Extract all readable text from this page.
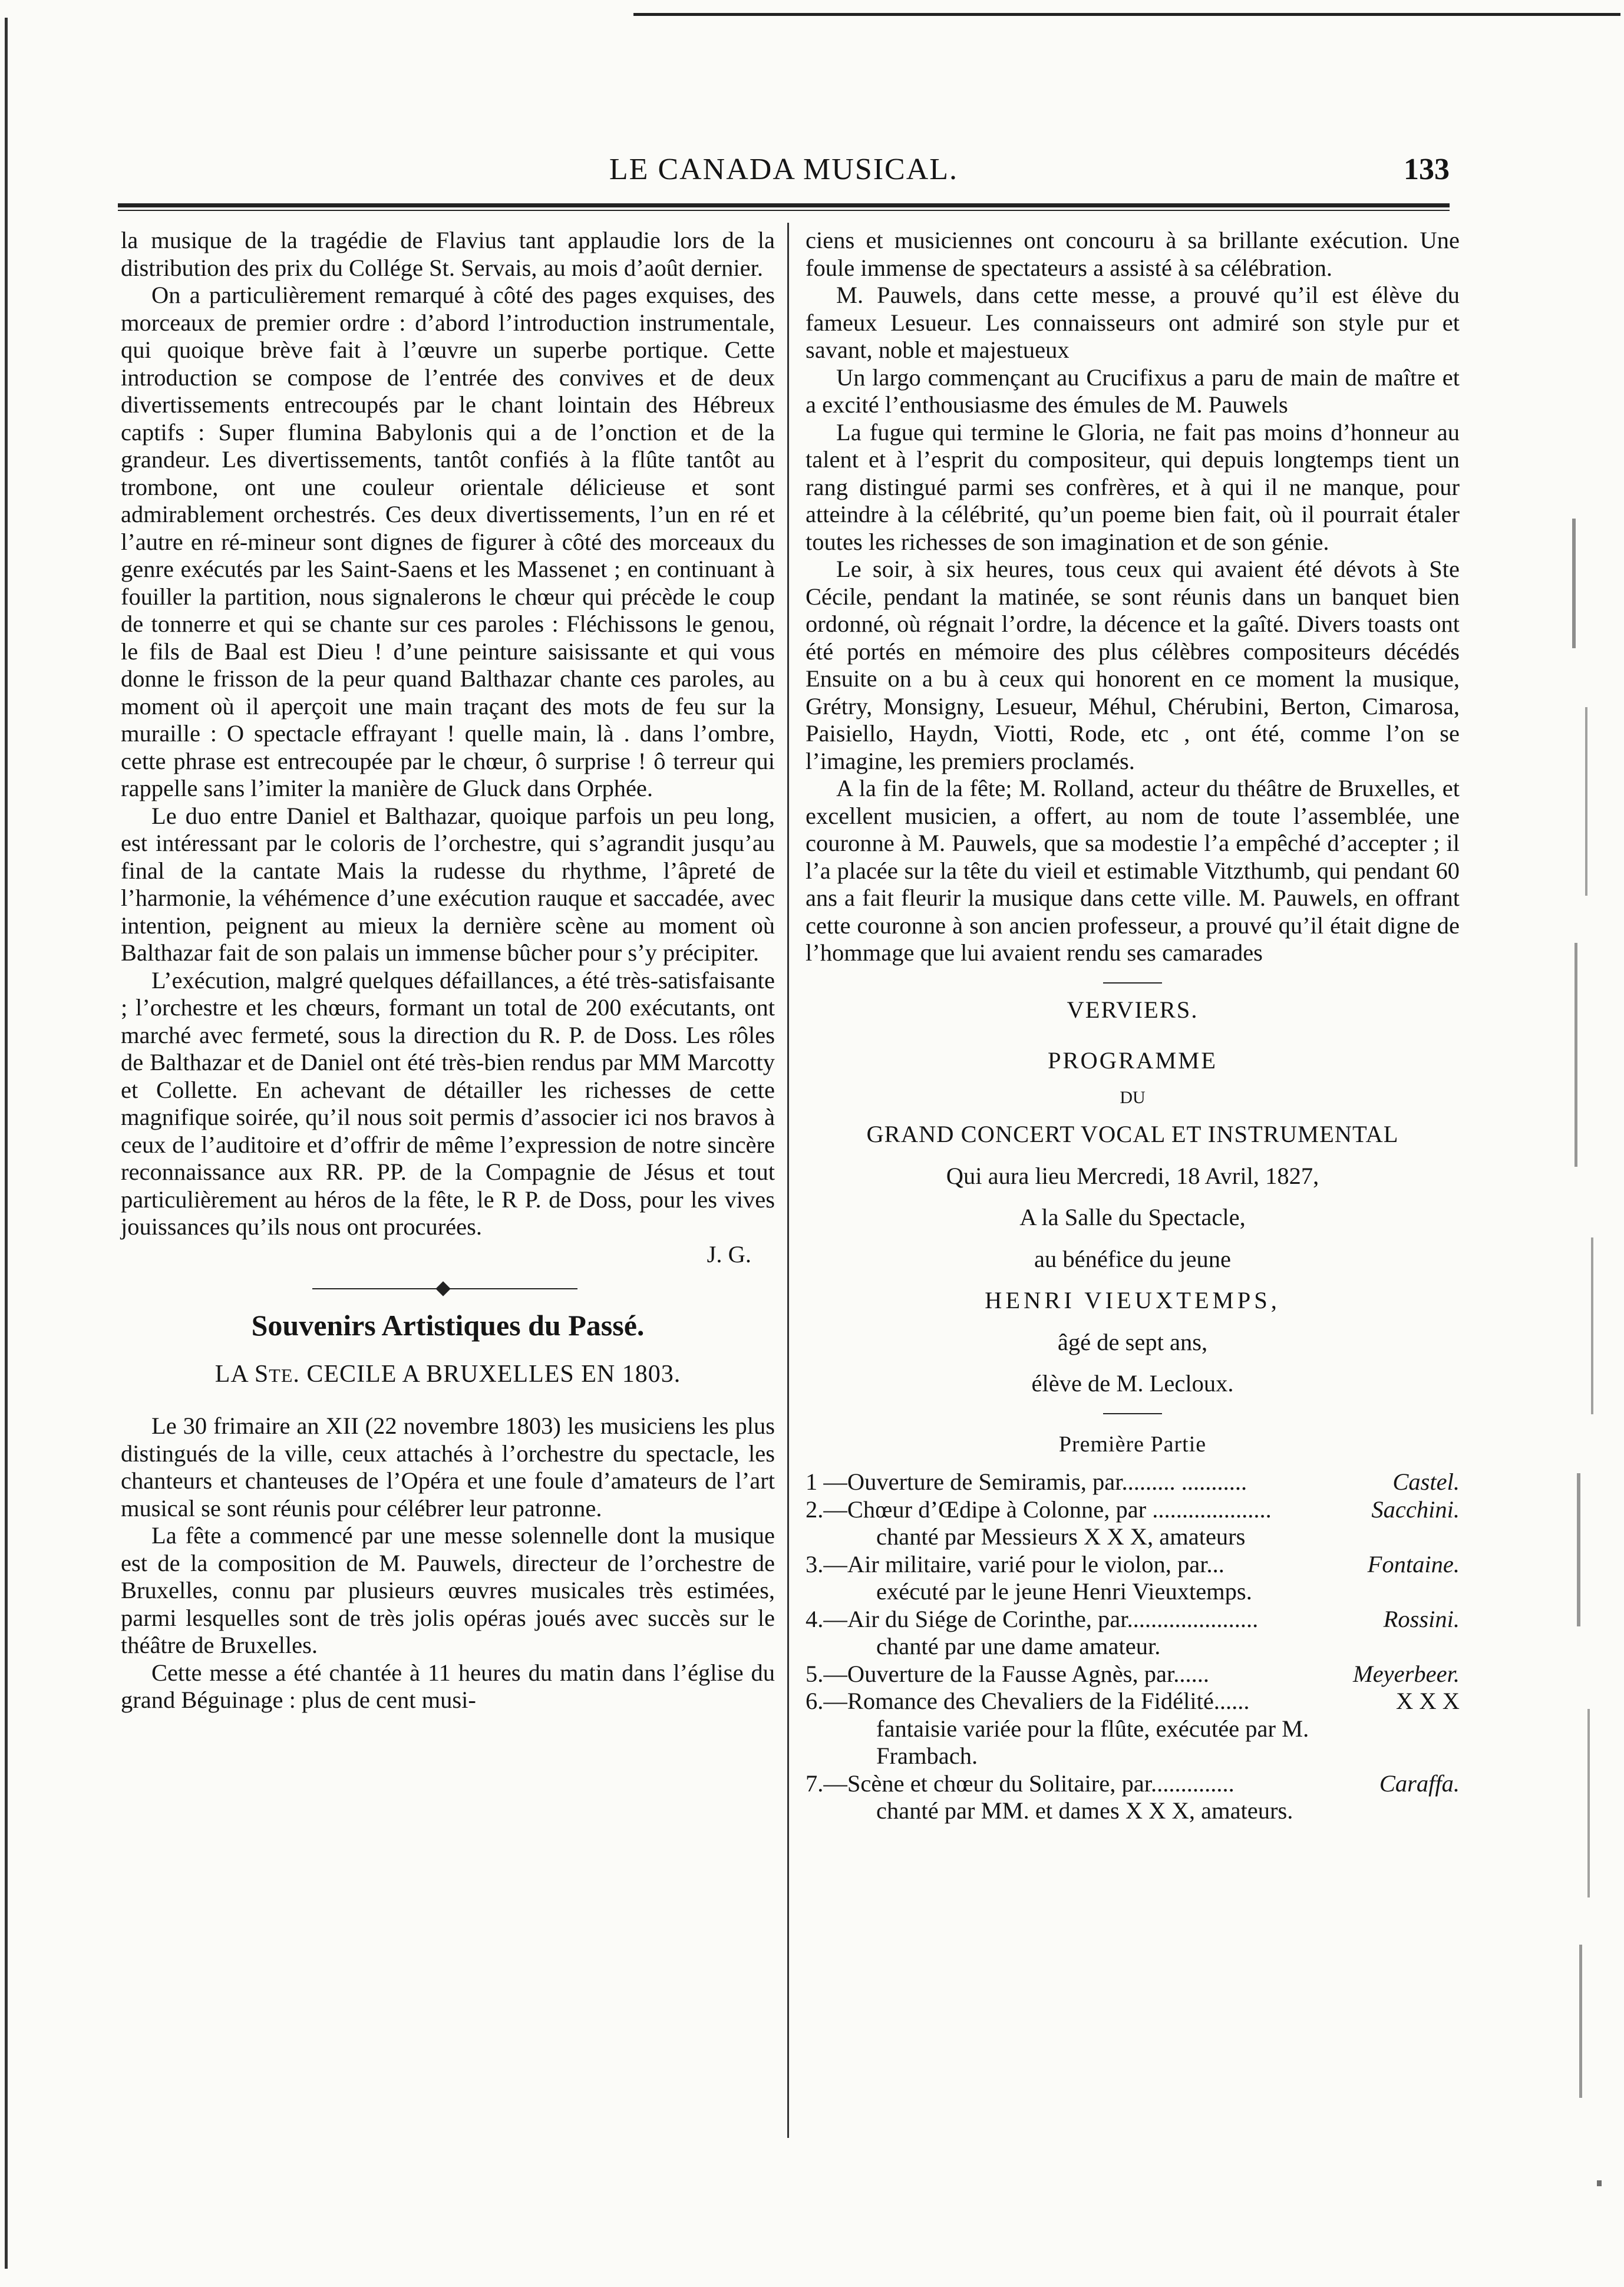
LE CANADA MUSICAL.	133

la musique de la tragédie de Flavius tant applaudie lors de la distribution des prix du Collége St. Servais, au mois d’août dernier.

On a particulièrement remarqué à côté des pages exquises, des morceaux de premier ordre : d’abord l’introduction instrumentale, qui quoique brève fait à l’œuvre un superbe portique. Cette introduction se compose de l’entrée des convives et de deux divertissements entrecoupés par le chant lointain des Hébreux captifs : Super flumina Babylonis qui a de l’onction et de la grandeur. Les divertissements, tantôt confiés à la flûte tantôt au trombone, ont une couleur orientale délicieuse et sont admirablement orchestrés. Ces deux divertissements, l’un en ré et l’autre en ré-mineur sont dignes de figurer à côté des morceaux du genre exécutés par les Saint-Saens et les Massenet ; en continuant à fouiller la partition, nous signalerons le chœur qui précède le coup de tonnerre et qui se chante sur ces paroles : Fléchissons le genou, le fils de Baal est Dieu ! d’une peinture saisissante et qui vous donne le frisson de la peur quand Balthazar chante ces paroles, au moment où il aperçoit une main traçant des mots de feu sur la muraille : O spectacle effrayant ! quelle main, là . dans l’ombre, cette phrase est entrecoupée par le chœur, ô surprise ! ô terreur qui rappelle sans l’imiter la manière de Gluck dans Orphée.

Le duo entre Daniel et Balthazar, quoique parfois un peu long, est intéressant par le coloris de l’orchestre, qui s’agrandit jusqu’au final de la cantate Mais la rudesse du rhythme, l’âpreté de l’harmonie, la véhémence d’une exécution rauque et saccadée, avec intention, peignent au mieux la dernière scène au moment où Balthazar fait de son palais un immense bûcher pour s’y précipiter.

L’exécution, malgré quelques défaillances, a été très-satisfaisante ; l’orchestre et les chœurs, formant un total de 200 exécutants, ont marché avec fermeté, sous la direction du R. P. de Doss. Les rôles de Balthazar et de Daniel ont été très-bien rendus par MM Marcotty et Collette. En achevant de détailler les richesses de cette magnifique soirée, qu’il nous soit permis d’associer ici nos bravos à ceux de l’auditoire et d’offrir de même l’expression de notre sincère reconnaissance aux RR. PP. de la Compagnie de Jésus et tout particulièrement au héros de la fête, le R P. de Doss, pour les vives jouissances qu’ils nous ont procurées.

J. G.

Souvenirs Artistiques du Passé.
LA STE. CECILE A BRUXELLES EN 1803.

Le 30 frimaire an XII (22 novembre 1803) les musiciens les plus distingués de la ville, ceux attachés à l’orchestre du spectacle, les chanteurs et chanteuses de l’Opéra et une foule d’amateurs de l’art musical se sont réunis pour célébrer leur patronne.

La fête a commencé par une messe solennelle dont la musique est de la composition de M. Pauwels, directeur de l’orchestre de Bruxelles, connu par plusieurs œuvres musicales très estimées, parmi lesquelles sont de très jolis opéras joués avec succès sur le théâtre de Bruxelles.

Cette messe a été chantée à 11 heures du matin dans l’église du grand Béguinage : plus de cent musi-

ciens et musiciennes ont concouru à sa brillante exécution. Une foule immense de spectateurs a assisté à sa célébration.

M. Pauwels, dans cette messe, a prouvé qu’il est élève du fameux Lesueur. Les connaisseurs ont admiré son style pur et savant, noble et majestueux

Un largo commençant au Crucifixus a paru de main de maître et a excité l’enthousiasme des émules de M. Pauwels

La fugue qui termine le Gloria, ne fait pas moins d’honneur au talent et à l’esprit du compositeur, qui depuis longtemps tient un rang distingué parmi ses confrères, et à qui il ne manque, pour atteindre à la célébrité, qu’un poeme bien fait, où il pourrait étaler toutes les richesses de son imagination et de son génie.

Le soir, à six heures, tous ceux qui avaient été dévots à Ste Cécile, pendant la matinée, se sont réunis dans un banquet bien ordonné, où régnait l’ordre, la décence et la gaîté. Divers toasts ont été portés en mémoire des plus célèbres compositeurs décédés Ensuite on a bu à ceux qui honorent en ce moment la musique, Grétry, Monsigny, Lesueur, Méhul, Chérubini, Berton, Cimarosa, Paisiello, Haydn, Viotti, Rode, etc , ont été, comme l’on se l’imagine, les premiers proclamés.

A la fin de la fête; M. Rolland, acteur du théâtre de Bruxelles, et excellent musicien, a offert, au nom de toute l’assemblée, une couronne à M. Pauwels, que sa modestie l’a empêché d’accepter ; il l’a placée sur la tête du vieil et estimable Vitzthumb, qui pendant 60 ans a fait fleurir la musique dans cette ville. M. Pauwels, en offrant cette couronne à son ancien professeur, a prouvé qu’il était digne de l’hommage que lui avaient rendu ses camarades

VERVIERS.
PROGRAMME
DU
GRAND CONCERT VOCAL ET INSTRUMENTAL
Qui aura lieu Mercredi, 18 Avril, 1827,
A la Salle du Spectacle,
au bénéfice du jeune
HENRI VIEUXTEMPS,
âgé de sept ans,
élève de M. Lecloux.
Première Partie
1 —Ouverture de Semiramis, par......... ...........	Castel.
2.—Chœur d’Œdipe à Colonne, par ....................	Sacchini.
chanté par Messieurs X X X, amateurs
3.—Air militaire, varié pour le violon, par...	Fontaine.
exécuté par le jeune Henri Vieuxtemps.
4.—Air du Siége de Corinthe, par......................	Rossini.
chanté par une dame amateur.
5.—Ouverture de la Fausse Agnès, par......	Meyerbeer.
6.—Romance des Chevaliers de la Fidélité......	X X X
fantaisie variée pour la flûte, exécutée par M.
Frambach.
7.—Scène et chœur du Solitaire, par..............	Caraffa.
chanté par MM. et dames X X X, amateurs.
